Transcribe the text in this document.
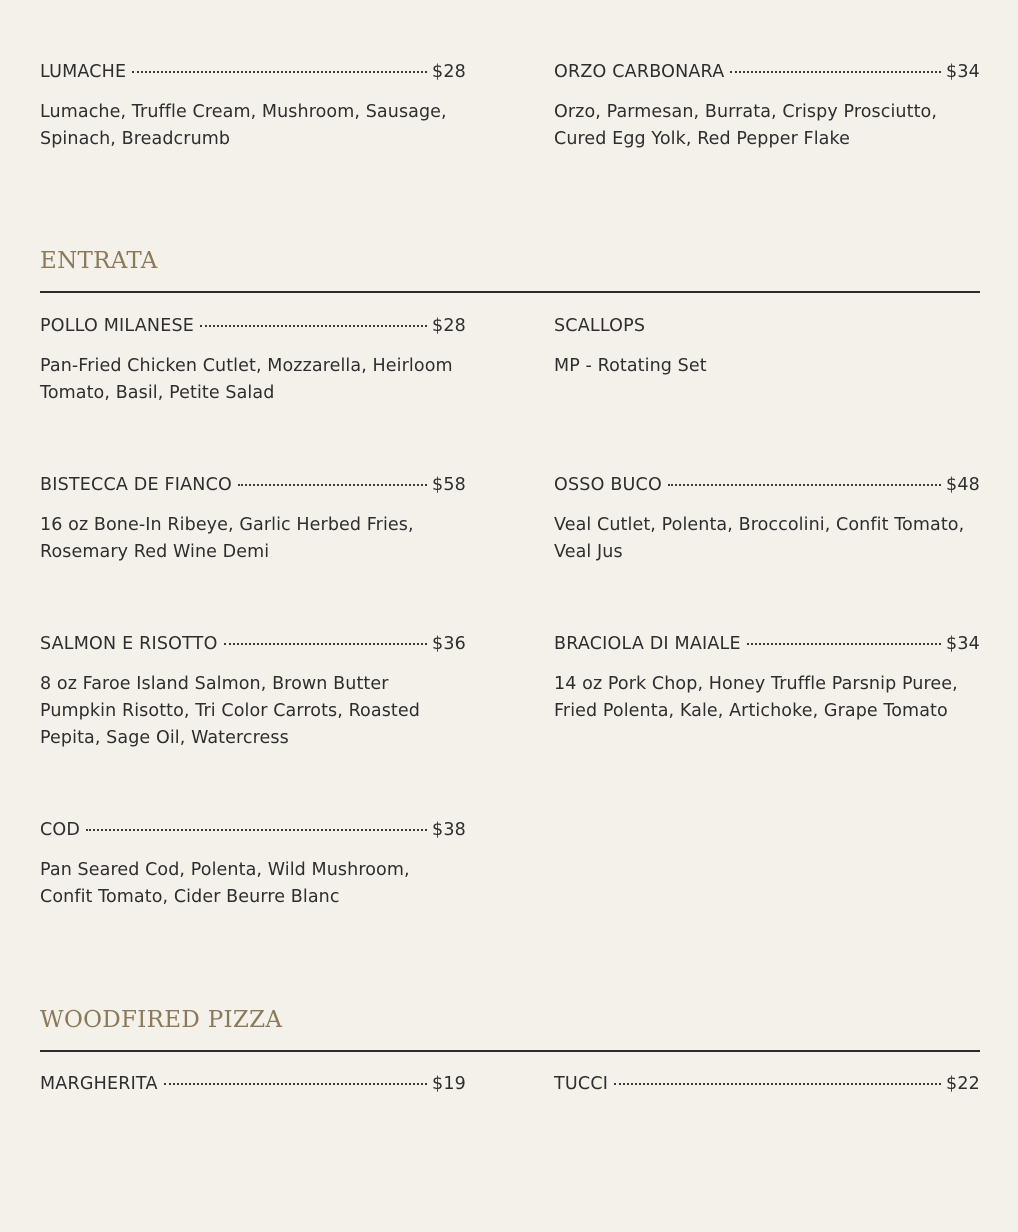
LUMACHE	$28
Lumache, Truffle Cream, Mushroom, Sausage, Spinach, Breadcrumb
ORZO CARBONARA	$34
Orzo, Parmesan, Burrata, Crispy Prosciutto, Cured Egg Yolk, Red Pepper Flake
ENTRATA
POLLO MILANESE	$28
Pan-Fried Chicken Cutlet, Mozzarella, Heirloom Tomato, Basil, Petite Salad
SCALLOPS
MP - Rotating Set
BISTECCA DE FIANCO	$58
16 oz Bone-In Ribeye, Garlic Herbed Fries, Rosemary Red Wine Demi
OSSO BUCO	$48
Veal Cutlet, Polenta, Broccolini, Confit Tomato, Veal Jus
SALMON E RISOTTO	$36
8 oz Faroe Island Salmon, Brown Butter Pumpkin Risotto, Tri Color Carrots, Roasted Pepita, Sage Oil, Watercress
BRACIOLA DI MAIALE	$34
14 oz Pork Chop, Honey Truffle Parsnip Puree, Fried Polenta, Kale, Artichoke, Grape Tomato
COD	$38
Pan Seared Cod, Polenta, Wild Mushroom, Confit Tomato, Cider Beurre Blanc
WOODFIRED PIZZA
MARGHERITA	$19	TUCCI	$22
